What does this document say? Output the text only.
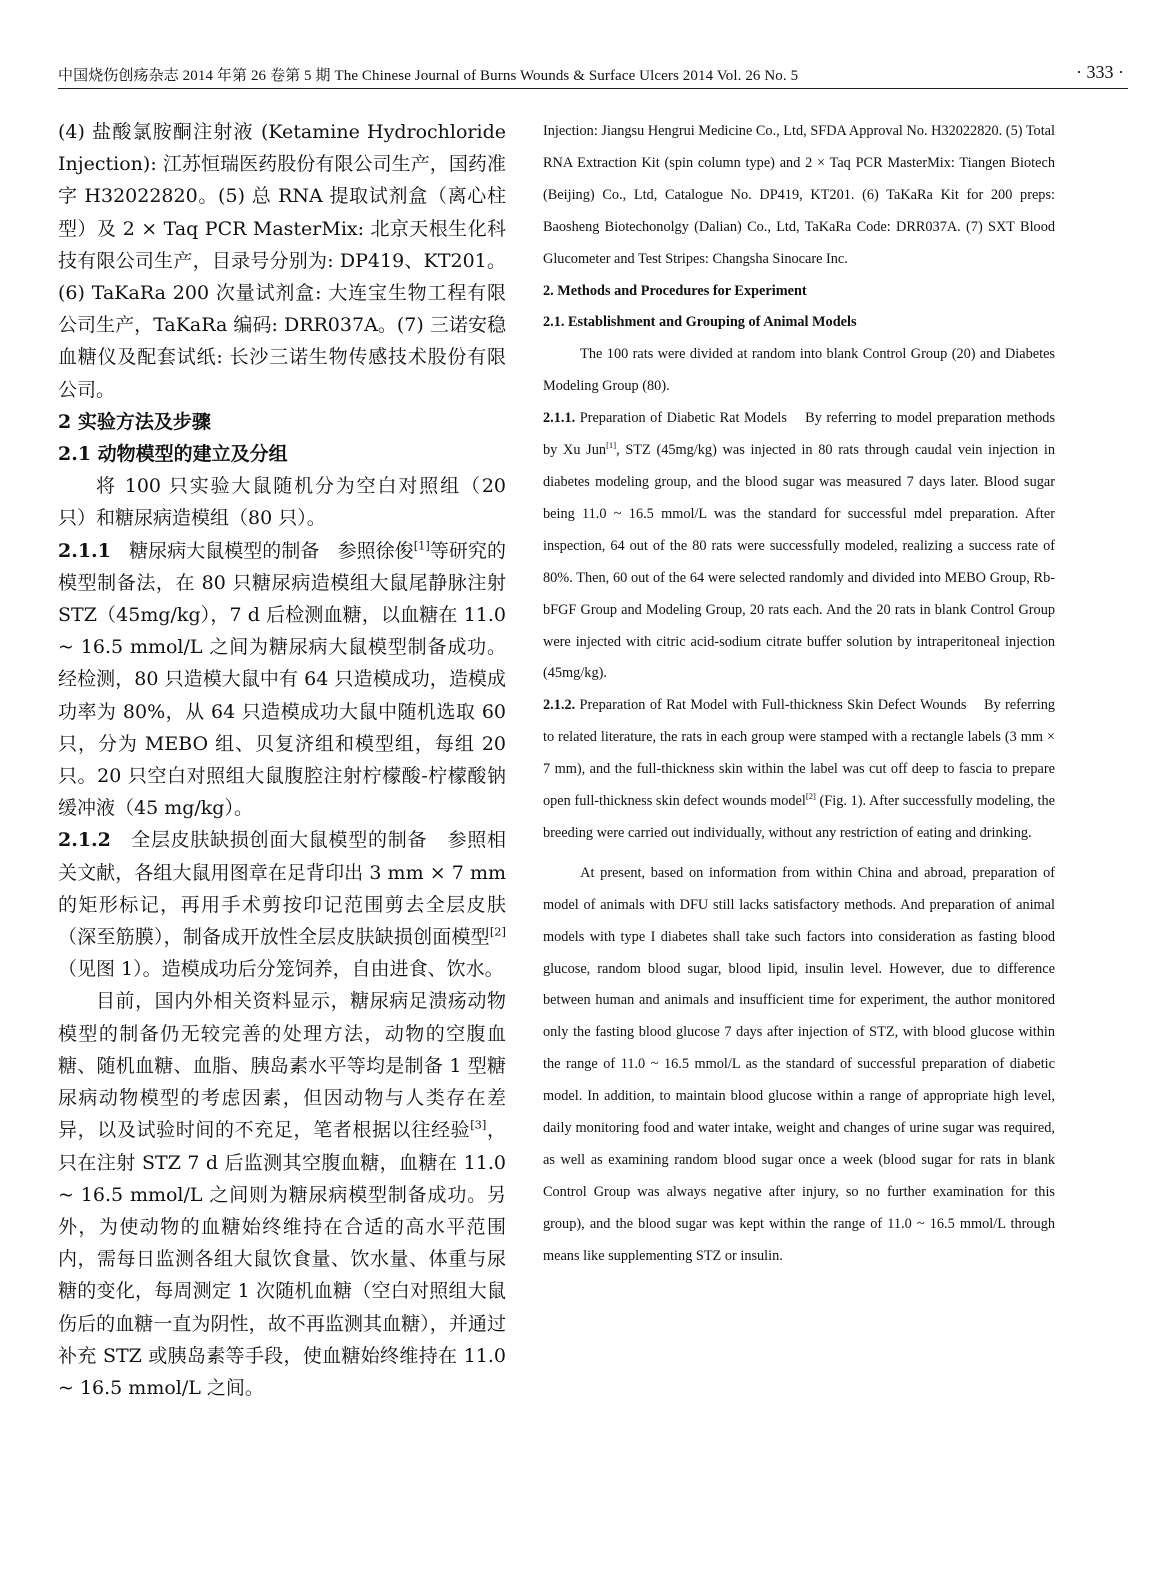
中国烧伤创疡杂志 2014 年第 26 卷第 5 期 The Chinese Journal of Burns Wounds & Surface Ulcers 2014 Vol. 26 No. 5	· 333 ·

(4) 盐酸氯胺酮注射液 (Ketamine Hydrochloride Injection): 江苏恒瑞医药股份有限公司生产，国药准字 H32022820。(5) 总 RNA 提取试剂盒（离心柱型）及 2 × Taq PCR MasterMix: 北京天根生化科技有限公司生产，目录号分别为: DP419、KT201。(6) TaKaRa 200 次量试剂盒: 大连宝生物工程有限公司生产，TaKaRa 编码: DRR037A。(7) 三诺安稳血糖仪及配套试纸: 长沙三诺生物传感技术股份有限公司。

2 实验方法及步骤

2.1 动物模型的建立及分组

将 100 只实验大鼠随机分为空白对照组（20 只）和糖尿病造模组（80 只）。

2.1.1 糖尿病大鼠模型的制备 参照徐俊[1]等研究的模型制备法，在 80 只糖尿病造模组大鼠尾静脉注射 STZ（45mg/kg），7 d 后检测血糖，以血糖在 11.0 ~ 16.5 mmol/L 之间为糖尿病大鼠模型制备成功。经检测，80 只造模大鼠中有 64 只造模成功，造模成功率为 80%，从 64 只造模成功大鼠中随机选取 60 只，分为 MEBO 组、贝复济组和模型组，每组 20 只。20 只空白对照组大鼠腹腔注射柠檬酸-柠檬酸钠缓冲液（45 mg/kg）。

2.1.2 全层皮肤缺损创面大鼠模型的制备 参照相关文献，各组大鼠用图章在足背印出 3 mm × 7 mm的矩形标记，再用手术剪按印记范围剪去全层皮肤（深至筋膜），制备成开放性全层皮肤缺损创面模型[2]（见图 1）。造模成功后分笼饲养，自由进食、饮水。

目前，国内外相关资料显示，糖尿病足溃疡动物模型的制备仍无较完善的处理方法，动物的空腹血糖、随机血糖、血脂、胰岛素水平等均是制备 1 型糖尿病动物模型的考虑因素，但因动物与人类存在差异，以及试验时间的不充足，笔者根据以往经验[3]，只在注射 STZ 7 d 后监测其空腹血糖，血糖在 11.0 ~ 16.5 mmol/L 之间则为糖尿病模型制备成功。另外，为使动物的血糖始终维持在合适的高水平范围内，需每日监测各组大鼠饮食量、饮水量、体重与尿糖的变化，每周测定 1 次随机血糖（空白对照组大鼠伤后的血糖一直为阴性，故不再监测其血糖），并通过补充 STZ 或胰岛素等手段，使血糖始终维持在 11.0 ~ 16.5 mmol/L 之间。

Injection: Jiangsu Hengrui Medicine Co., Ltd, SFDA Approval No. H32022820. (5) Total RNA Extraction Kit (spin column type) and 2 × Taq PCR MasterMix: Tiangen Biotech (Beijing) Co., Ltd, Catalogue No. DP419, KT201. (6) TaKaRa Kit for 200 preps: Baosheng Biotechonolgy (Dalian) Co., Ltd, TaKaRa Code: DRR037A. (7) SXT Blood Glucometer and Test Stripes: Changsha Sinocare Inc.

2. Methods and Procedures for Experiment

2.1. Establishment and Grouping of Animal Models

The 100 rats were divided at random into blank Control Group (20) and Diabetes Modeling Group (80).

2.1.1. Preparation of Diabetic Rat Models By referring to model preparation methods by Xu Jun[1], STZ (45mg/kg) was injected in 80 rats through caudal vein injection in diabetes modeling group, and the blood sugar was measured 7 days later. Blood sugar being 11.0 ~ 16.5 mmol/L was the standard for successful mdel preparation. After inspection, 64 out of the 80 rats were successfully modeled, realizing a success rate of 80%. Then, 60 out of the 64 were selected randomly and divided into MEBO Group, Rb-bFGF Group and Modeling Group, 20 rats each. And the 20 rats in blank Control Group were injected with citric acid-sodium citrate buffer solution by intraperitoneal injection (45mg/kg).

2.1.2. Preparation of Rat Model with Full-thickness Skin Defect Wounds By referring to related literature, the rats in each group were stamped with a rectangle labels (3 mm × 7 mm), and the full-thickness skin within the label was cut off deep to fascia to prepare open full-thickness skin defect wounds model[2] (Fig. 1). After successfully modeling, the breeding were carried out individually, without any restriction of eating and drinking.

At present, based on information from within China and abroad, preparation of model of animals with DFU still lacks satisfactory methods. And preparation of animal models with type I diabetes shall take such factors into consideration as fasting blood glucose, random blood sugar, blood lipid, insulin level. However, due to difference between human and animals and insufficient time for experiment, the author monitored only the fasting blood glucose 7 days after injection of STZ, with blood glucose within the range of 11.0 ~ 16.5 mmol/L as the standard of successful preparation of diabetic model. In addition, to maintain blood glucose within a range of appropriate high level, daily monitoring food and water intake, weight and changes of urine sugar was required, as well as examining random blood sugar once a week (blood sugar for rats in blank Control Group was always negative after injury, so no further examination for this group), and the blood sugar was kept within the range of 11.0 ~ 16.5 mmol/L through means like supplementing STZ or insulin.
